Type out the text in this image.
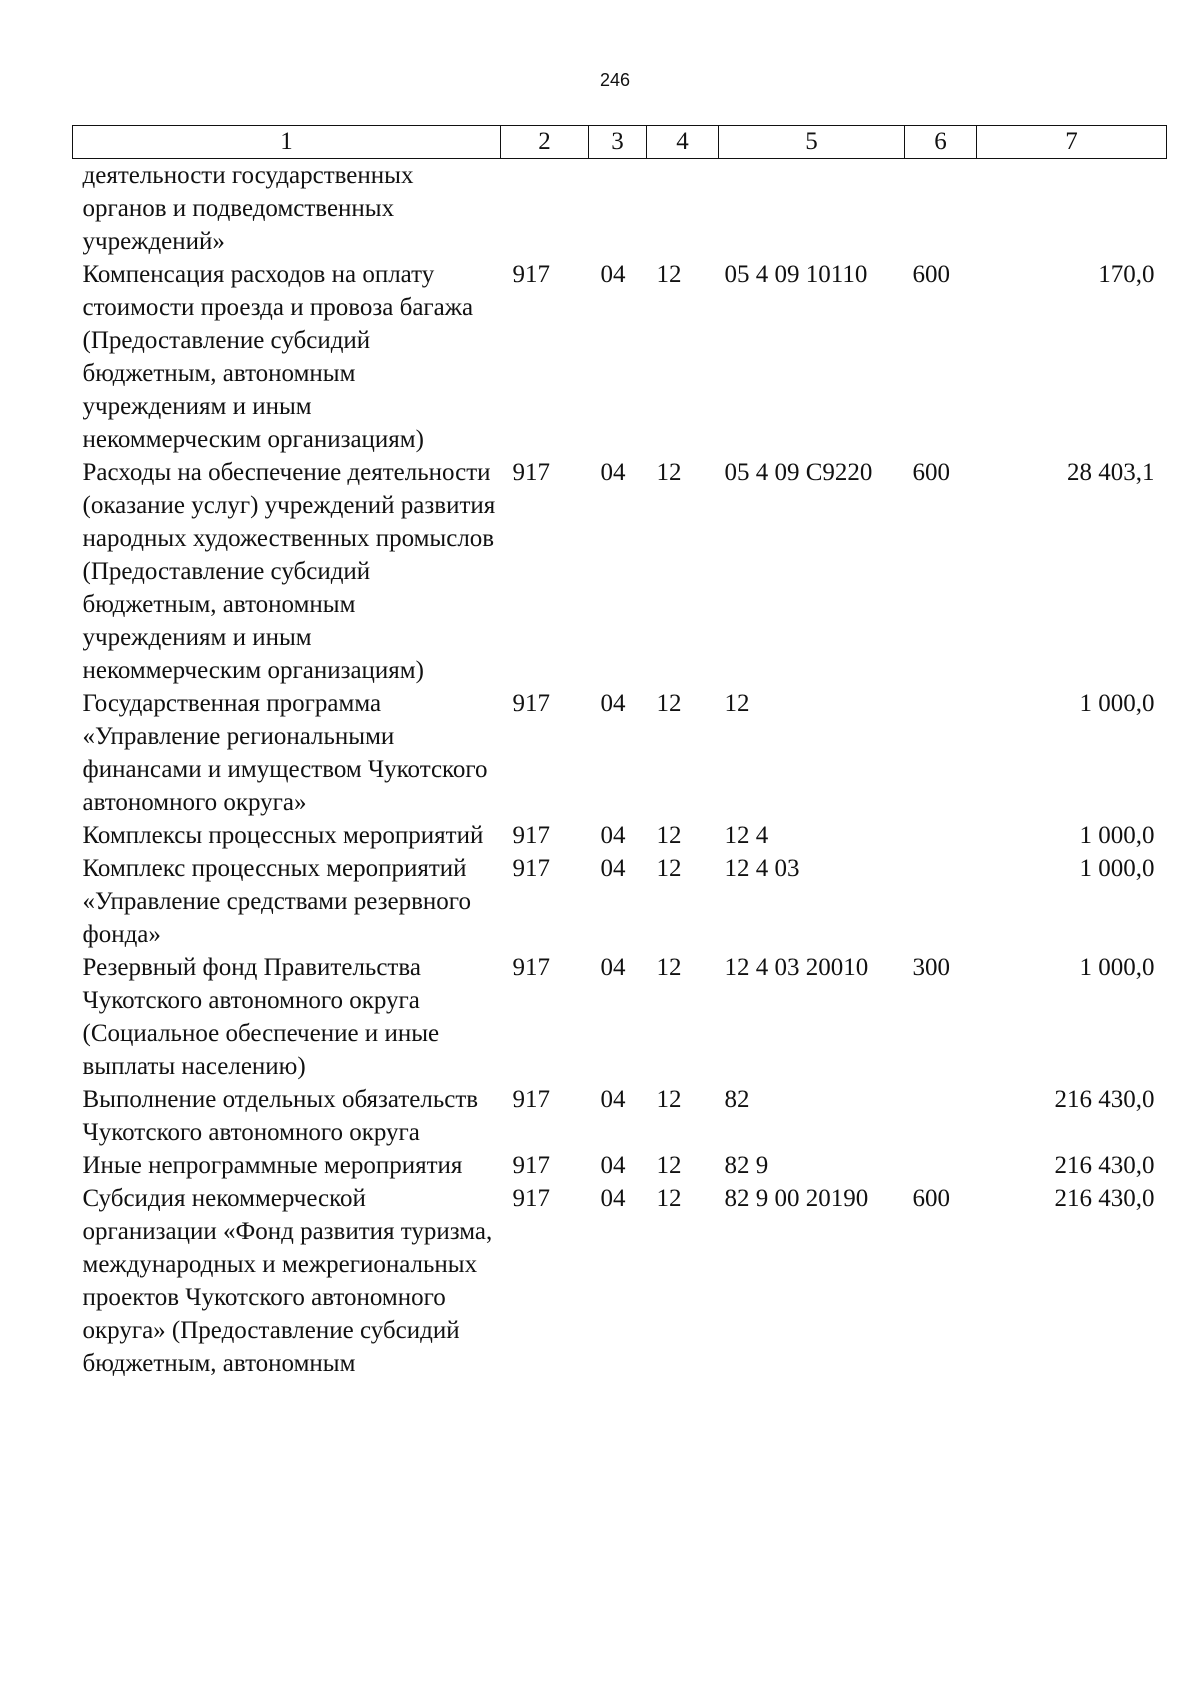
246
1	2	3	4	5	6	7
деятельности государственных органов и подведомственных учреждений»						
Компенсация расходов на оплату стоимости проезда и провоза багажа (Предоставление субсидий бюджетным, автономным учреждениям и иным некоммерческим организациям)	917	04	12	05 4 09 10110	600	170,0
Расходы на обеспечение деятельности (оказание услуг) учреждений развития народных художественных промыслов (Предоставление субсидий бюджетным, автономным учреждениям и иным некоммерческим организациям)	917	04	12	05 4 09 С9220	600	28 403,1
Государственная программа «Управление региональными финансами и имуществом Чукотского автономного округа»	917	04	12	12		1 000,0
Комплексы процессных мероприятий	917	04	12	12 4		1 000,0
Комплекс процессных мероприятий «Управление средствами резервного фонда»	917	04	12	12 4 03		1 000,0
Резервный фонд Правительства Чукотского автономного округа (Социальное обеспечение и иные выплаты населению)	917	04	12	12 4 03 20010	300	1 000,0
Выполнение отдельных обязательств Чукотского автономного округа	917	04	12	82		216 430,0
Иные непрограммные мероприятия	917	04	12	82 9		216 430,0
Субсидия некоммерческой организации «Фонд развития туризма, международных и межрегиональных проектов Чукотского автономного округа» (Предоставление субсидий бюджетным, автономным	917	04	12	82 9 00 20190	600	216 430,0
